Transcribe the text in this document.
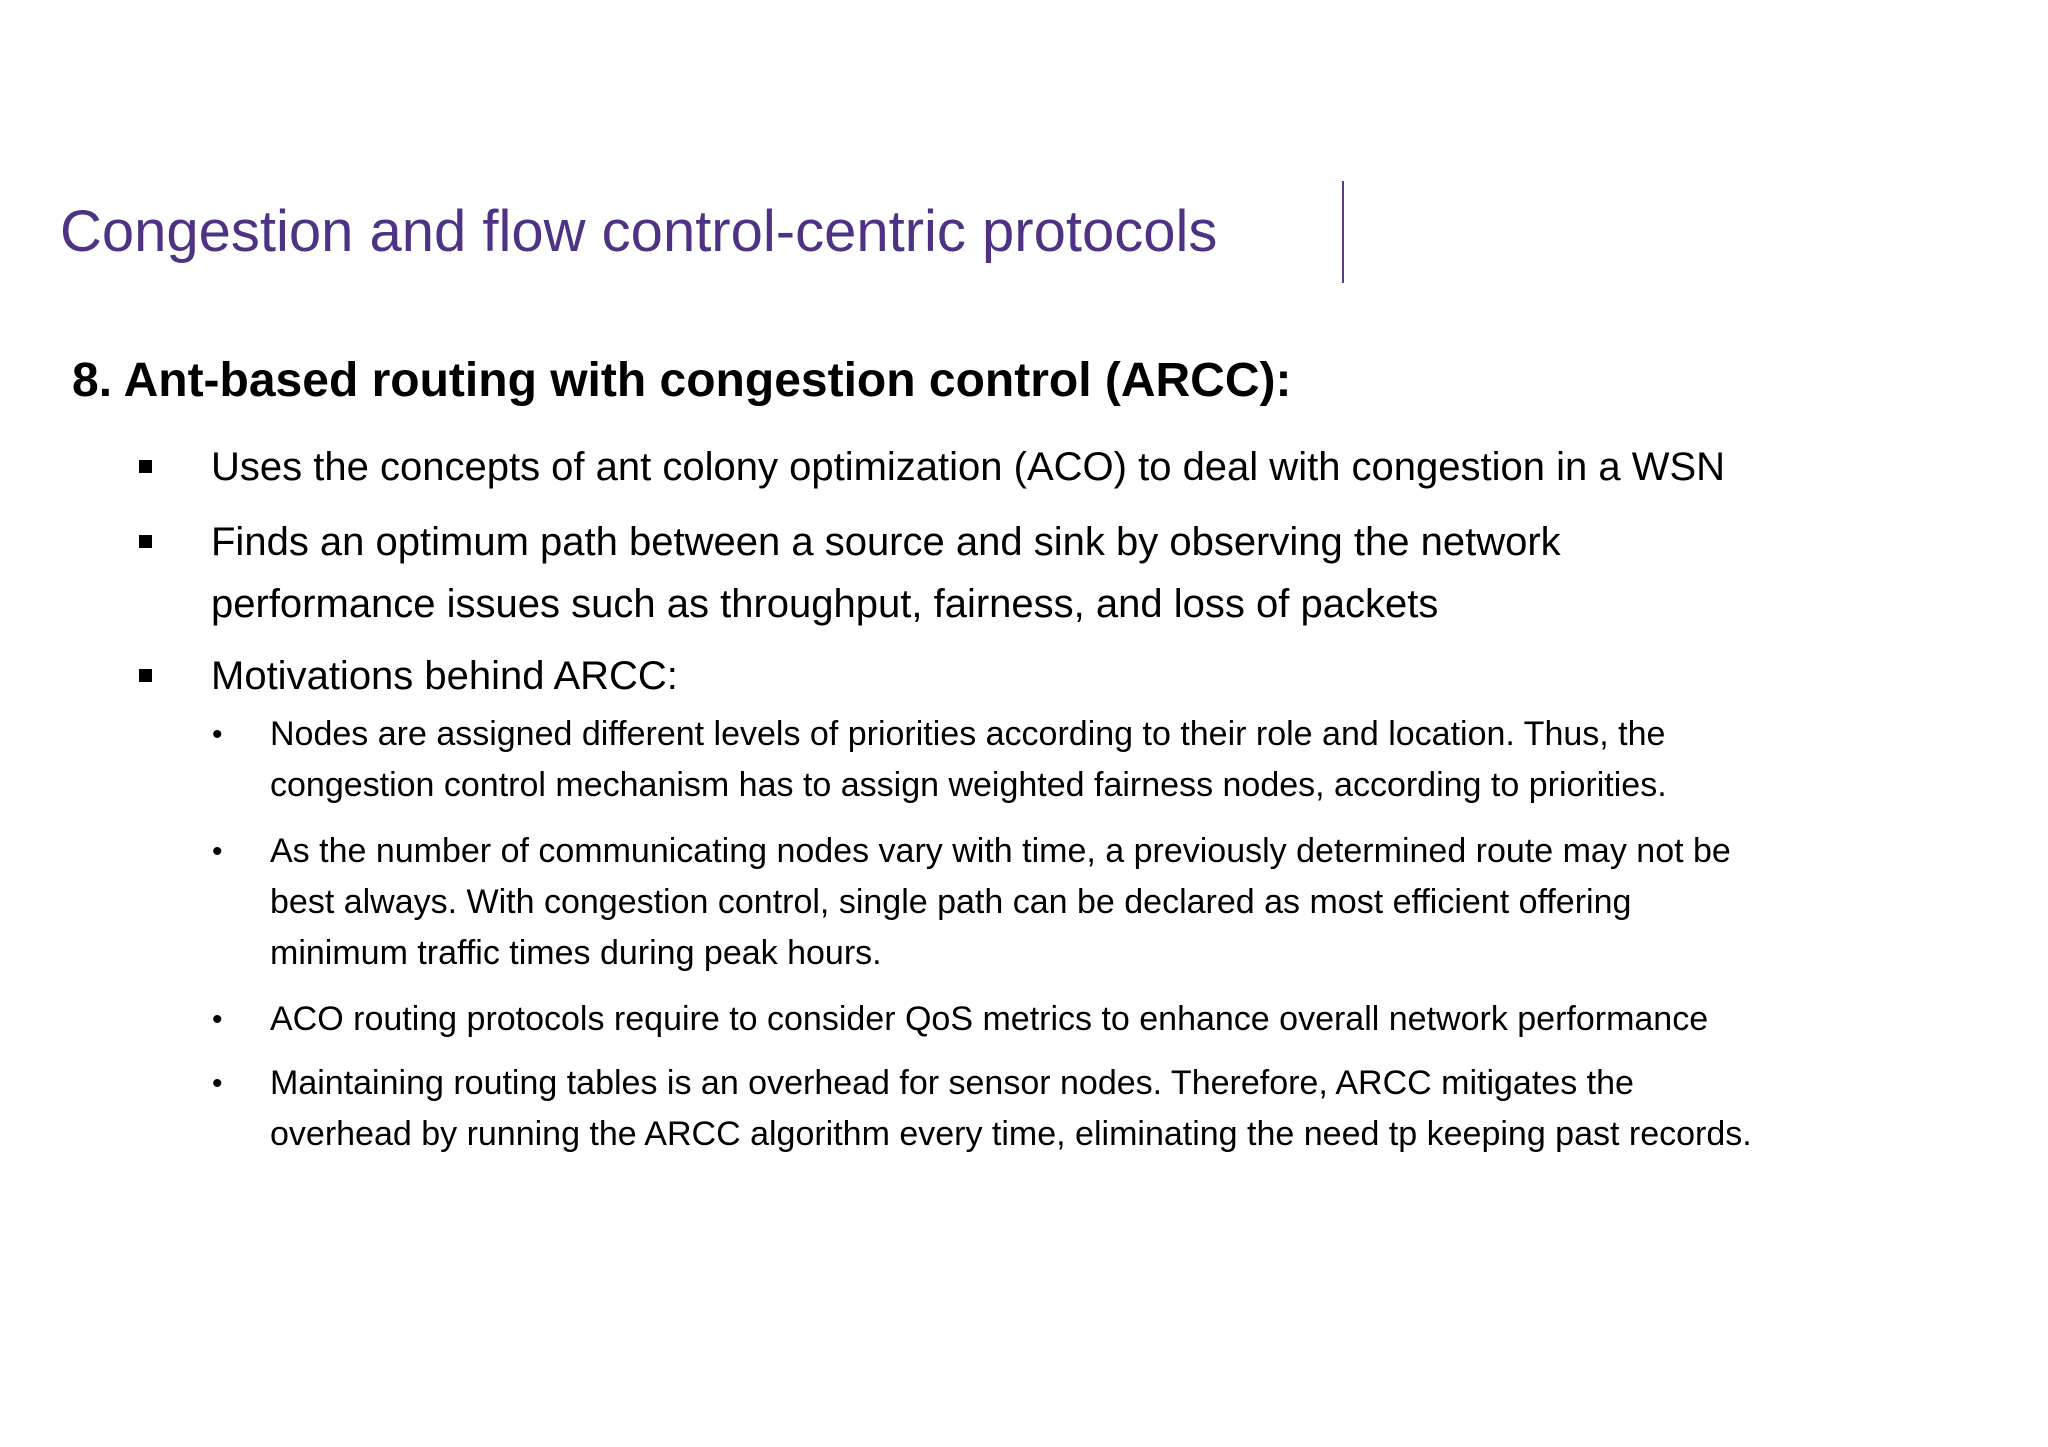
Congestion and flow control-centric protocols
8. Ant-based routing with congestion control (ARCC):
Uses the concepts of ant colony optimization (ACO) to deal with congestion in a WSN
Finds an optimum path between a source and sink by observing the network
performance issues such as throughput, fairness, and loss of packets
Motivations behind ARCC:
• Nodes are assigned different levels of priorities according to their role and location. Thus, the
congestion control mechanism has to assign weighted fairness nodes, according to priorities.
• As the number of communicating nodes vary with time, a previously determined route may not be
best always. With congestion control, single path can be declared as most efficient offering
minimum traffic times during peak hours.
• ACO routing protocols require to consider QoS metrics to enhance overall network performance
• Maintaining routing tables is an overhead for sensor nodes. Therefore, ARCC mitigates the
overhead by running the ARCC algorithm every time, eliminating the need tp keeping past records.
